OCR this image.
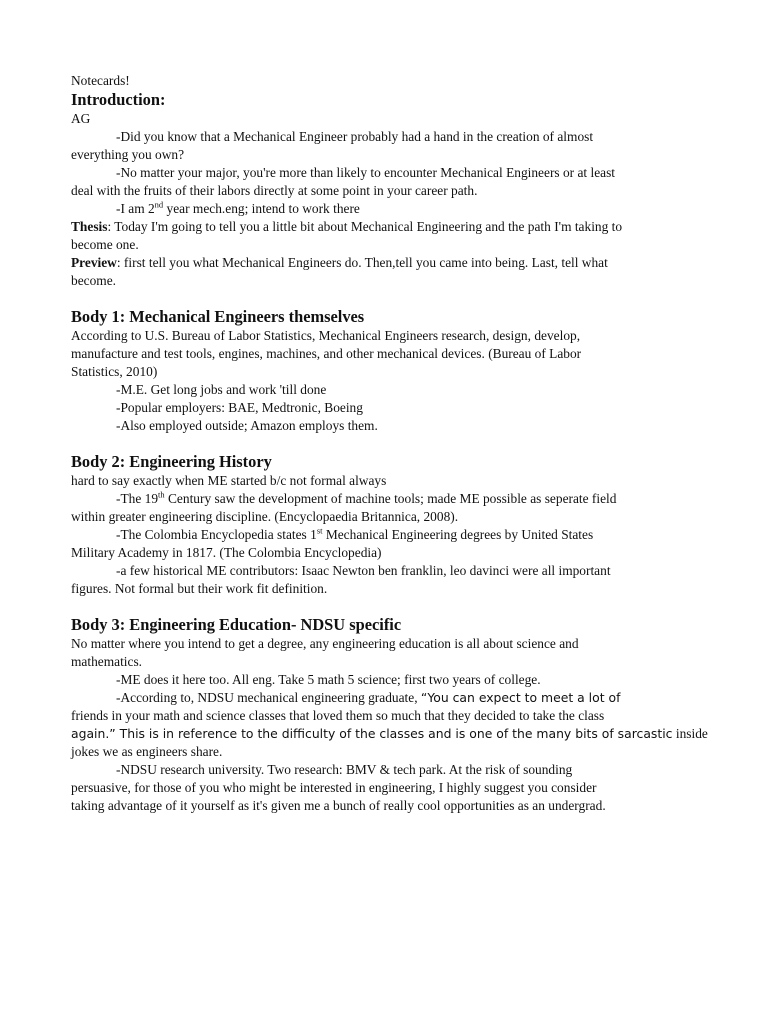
Notecards!

Introduction:

AG

-Did you know that a Mechanical Engineer probably had a hand in the creation of almost

everything you own?

-No matter your major, you're more than likely to encounter Mechanical Engineers or at least

deal with the fruits of their labors directly at some point in your career path.

-I am 2nd year mech.eng; intend to work there

Thesis: Today I'm going to tell you a little bit about Mechanical Engineering and the path I'm taking to

become one.

Preview: first tell you what Mechanical Engineers do. Then,tell you came into being. Last, tell what

become.

Body 1: Mechanical Engineers themselves

According to U.S. Bureau of Labor Statistics, Mechanical Engineers research, design, develop,

manufacture and test tools, engines, machines, and other mechanical devices. (Bureau of Labor

Statistics, 2010)

-M.E. Get long jobs and work 'till done

-Popular employers: BAE, Medtronic, Boeing

-Also employed outside; Amazon employs them.

Body 2: Engineering History

hard to say exactly when ME started b/c not formal always

-The 19th Century saw the development of machine tools; made ME possible as seperate field

within greater engineering discipline. (Encyclopaedia Britannica, 2008).

-The Colombia Encyclopedia states 1st Mechanical Engineering degrees by United States

Military Academy in 1817. (The Colombia Encyclopedia)

-a few historical ME contributors: Isaac Newton ben franklin, leo davinci were all important

figures. Not formal but their work fit definition.

Body 3: Engineering Education- NDSU specific

No matter where you intend to get a degree, any engineering education is all about science and

mathematics.

-ME does it here too. All eng. Take 5 math 5 science; first two years of college.

-According to, NDSU mechanical engineering graduate, “You can expect to meet a lot of

friends in your math and science classes that loved them so much that they decided to take the class

again.” This is in reference to the difficulty of the classes and is one of the many bits of sarcastic inside

jokes we as engineers share.

-NDSU research university. Two research: BMV & tech park. At the risk of sounding

persuasive, for those of you who might be interested in engineering, I highly suggest you consider

taking advantage of it yourself as it's given me a bunch of really cool opportunities as an undergrad.
